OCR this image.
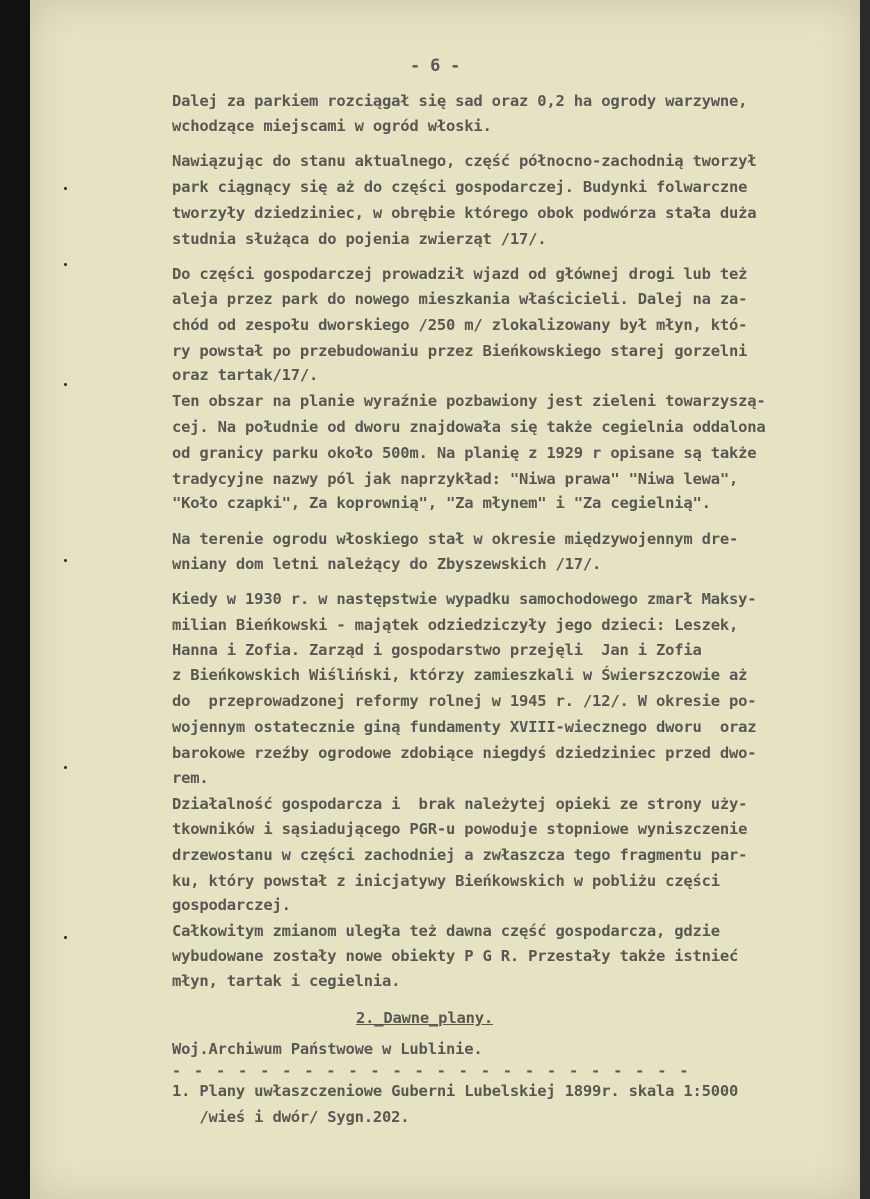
- 6 -
Dalej za parkiem rozciągał się sad oraz 0,2 ha ogrody warzywne,
wchodzące miejscami w ogród włoski.
Nawiązując do stanu aktualnego, część północno-zachodnią tworzył
park ciągnący się aż do części gospodarczej. Budynki folwarczne
tworzyły dziedziniec, w obrębie którego obok podwórza stała duża
studnia służąca do pojenia zwierząt /17/.
Do części gospodarczej prowadził wjazd od głównej drogi lub też
aleja przez park do nowego mieszkania właścicieli. Dalej na za-
chód od zespołu dworskiego /250 m/ zlokalizowany był młyn, któ-
ry powstał po przebudowaniu przez Bieńkowskiego starej gorzelni
oraz tartak/17/.
Ten obszar na planie wyraźnie pozbawiony jest zieleni towarzyszą-
cej. Na południe od dworu znajdowała się także cegielnia oddalona
od granicy parku około 500m. Na planię z 1929 r opisane są także
tradycyjne nazwy pól jak naprzykład: "Niwa prawa" "Niwa lewa",
"Koło czapki", Za koprownią", "Za młynem" i "Za cegielnią".
Na terenie ogrodu włoskiego stał w okresie międzywojennym dre-
wniany dom letni należący do Zbyszewskich /17/.
Kiedy w 1930 r. w następstwie wypadku samochodowego zmarł Maksy-
milian Bieńkowski - majątek odziedziczyły jego dzieci: Leszek,
Hanna i Zofia. Zarząd i gospodarstwo przejęli  Jan i Zofia
z Bieńkowskich Wiśliński, którzy zamieszkali w Świerszczowie aż
do  przeprowadzonej reformy rolnej w 1945 r. /12/. W okresie po-
wojennym ostatecznie giną fundamenty XVIII-wiecznego dworu  oraz
barokowe rzeźby ogrodowe zdobiące niegdyś dziedziniec przed dwo-
rem.
Działalność gospodarcza i  brak należytej opieki ze strony uży-
tkowników i sąsiadującego PGR-u powoduje stopniowe wyniszczenie
drzewostanu w części zachodniej a zwłaszcza tego fragmentu par-
ku, który powstał z inicjatywy Bieńkowskich w pobliżu części
gospodarczej.
Całkowitym zmianom uległa też dawna część gospodarcza, gdzie
wybudowane zostały nowe obiekty P G R. Przestały także istnieć
młyn, tartak i cegielnia.
2._Dawne_plany.
Woj.Archiwum Państwowe w Lublinie.
- - - - - - - - - - - - - - - - - - - - - - - -
1. Plany uwłaszczeniowe Guberni Lubelskiej 1899r. skala 1:5000
/wieś i dwór/ Sygn.202.
